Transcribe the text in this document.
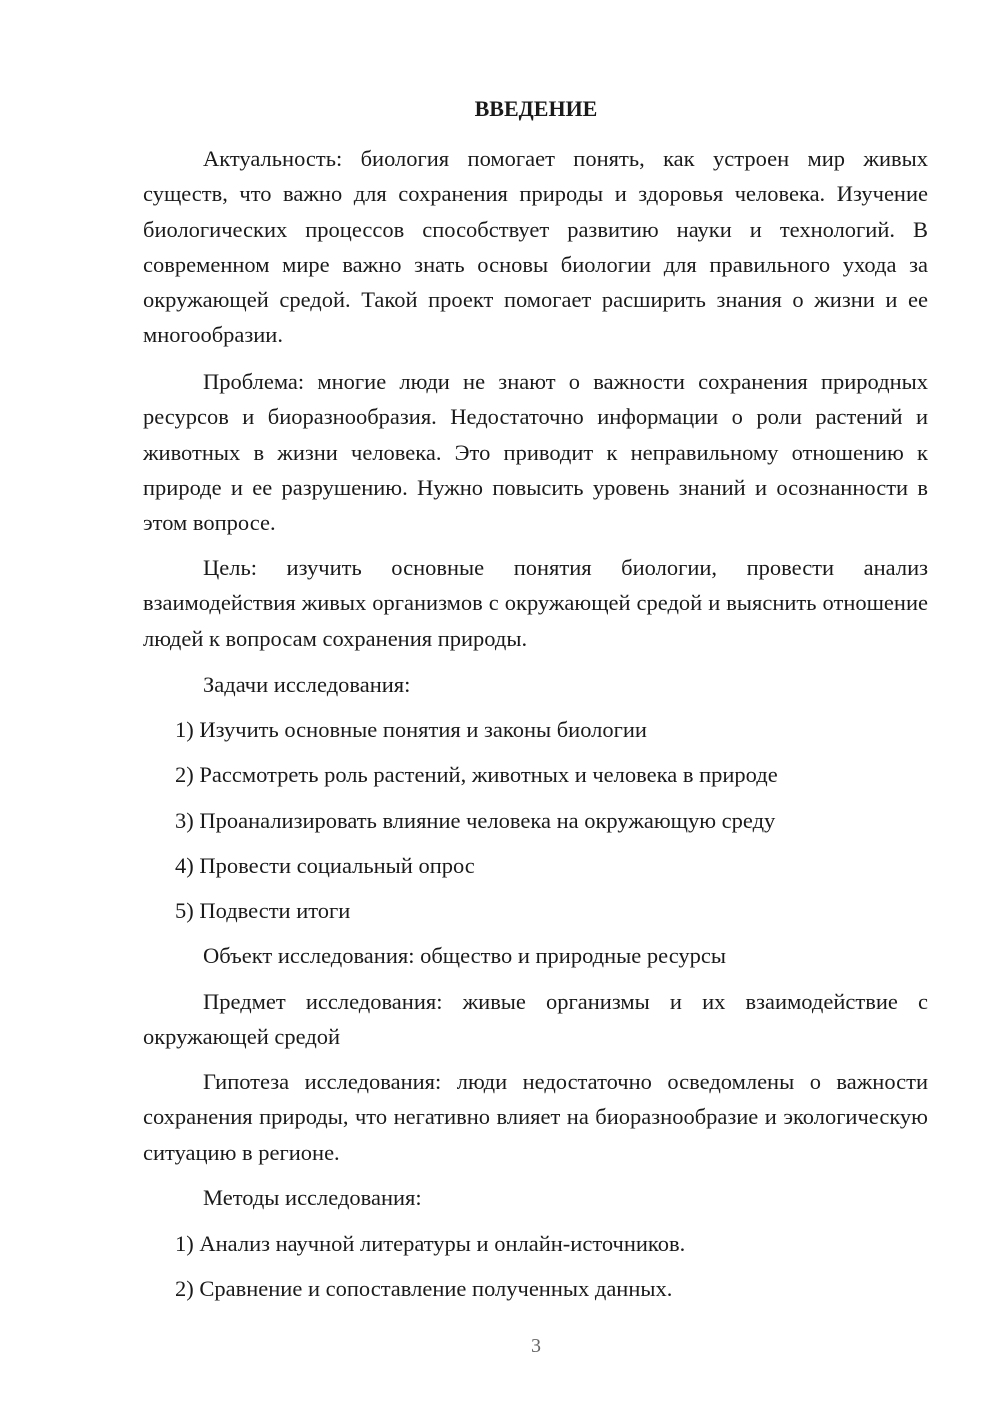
ВВЕДЕНИЕ
Актуальность: биология помогает понять, как устроен мир живых существ, что важно для сохранения природы и здоровья человека. Изучение биологических процессов способствует развитию науки и технологий. В современном мире важно знать основы биологии для правильного ухода за окружающей средой. Такой проект помогает расширить знания о жизни и ее многообразии.
Проблема: многие люди не знают о важности сохранения природных ресурсов и биоразнообразия. Недостаточно информации о роли растений и животных в жизни человека. Это приводит к неправильному отношению к природе и ее разрушению. Нужно повысить уровень знаний и осознанности в этом вопросе.
Цель: изучить основные понятия биологии, провести анализ взаимодействия живых организмов с окружающей средой и выяснить отношение людей к вопросам сохранения природы.
Задачи исследования:
1) Изучить основные понятия и законы биологии
2) Рассмотреть роль растений, животных и человека в природе
3) Проанализировать влияние человека на окружающую среду
4) Провести социальный опрос
5) Подвести итоги
Объект исследования: общество и природные ресурсы
Предмет исследования: живые организмы и их взаимодействие с окружающей средой
Гипотеза исследования: люди недостаточно осведомлены о важности сохранения природы, что негативно влияет на биоразнообразие и экологическую ситуацию в регионе.
Методы исследования:
1) Анализ научной литературы и онлайн-источников.
2) Сравнение и сопоставление полученных данных.
3
